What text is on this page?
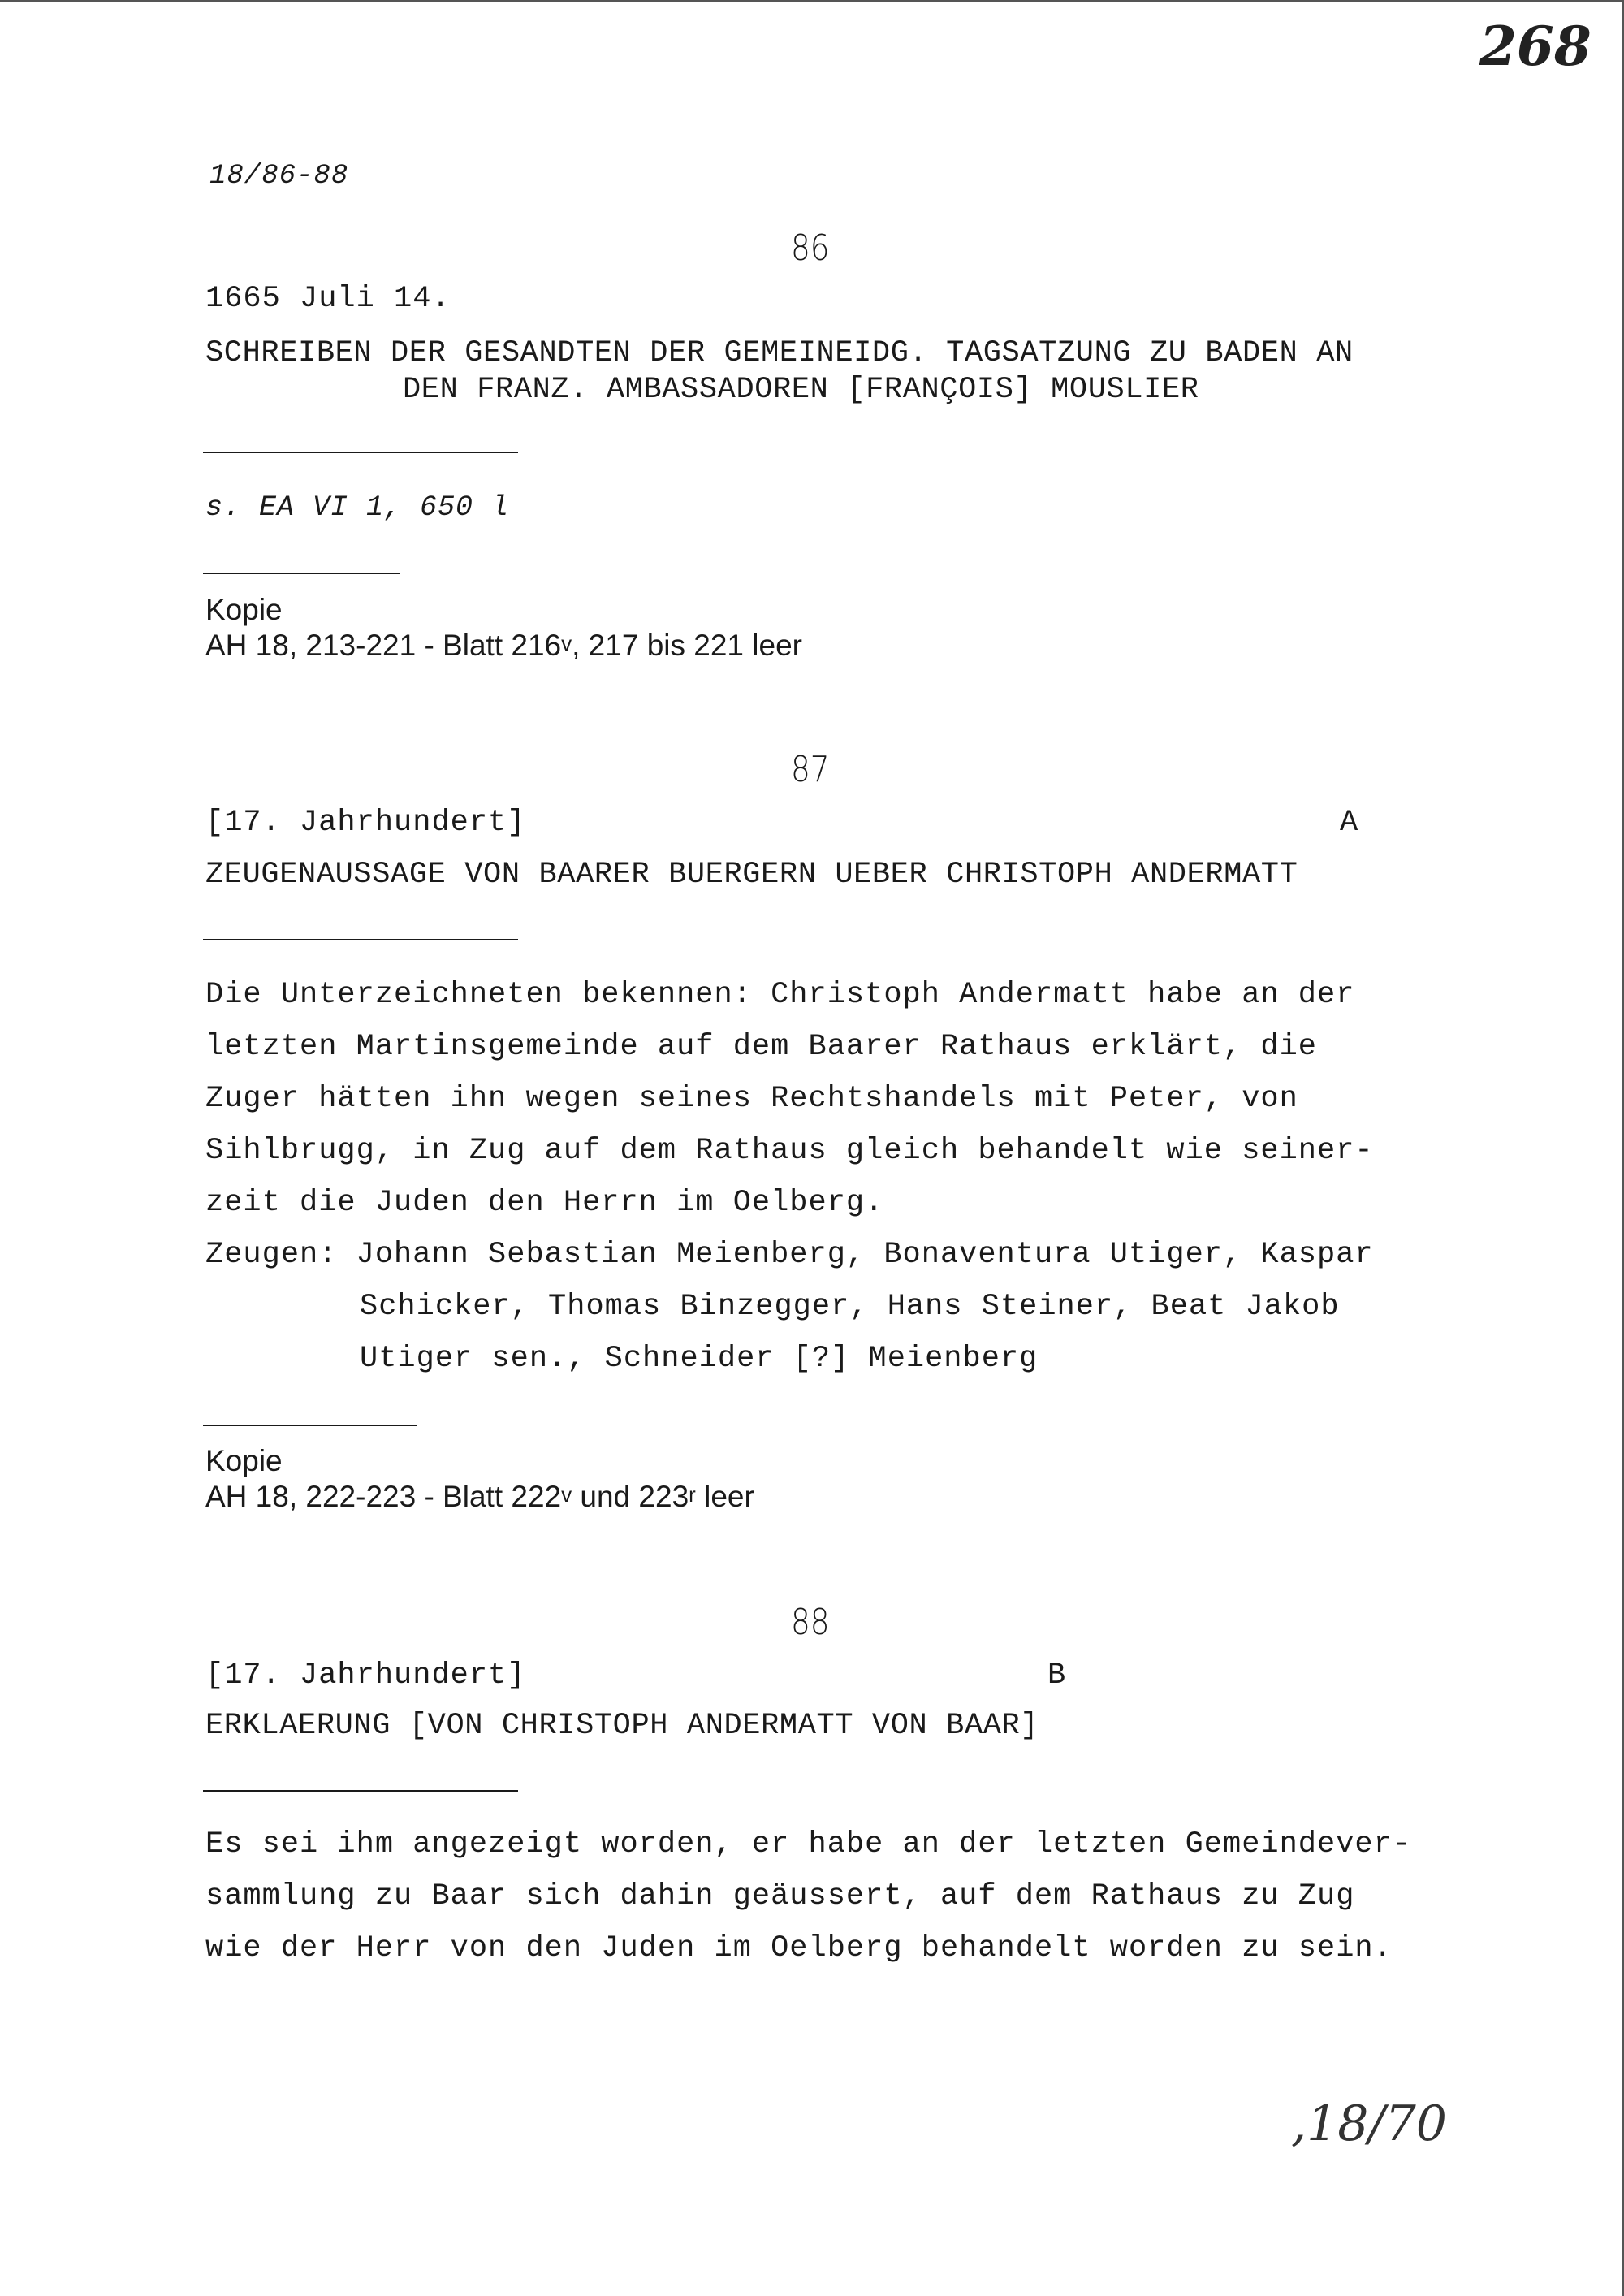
268
18/86-88
86
1665 Juli 14.
SCHREIBEN DER GESANDTEN DER GEMEINEIDG. TAGSATZUNG ZU BADEN AN
DEN FRANZ. AMBASSADOREN [FRANÇOIS] MOUSLIER
s. EA VI 1, 650 l
Kopie
AH 18, 213-221 - Blatt 216$^v$, 217 bis 221 leer
87
[17. Jahrhundert]	A
ZEUGENAUSSAGE VON BAARER BUERGERN UEBER CHRISTOPH ANDERMATT
Die Unterzeichneten bekennen: Christoph Andermatt habe an der
letzten Martinsgemeinde auf dem Baarer Rathaus erklärt, die
Zuger hätten ihn wegen seines Rechtshandels mit Peter, von
Sihlbrugg, in Zug auf dem Rathaus gleich behandelt wie seiner-
zeit die Juden den Herrn im Oelberg.
Zeugen: Johann Sebastian Meienberg, Bonaventura Utiger, Kaspar
Schicker, Thomas Binzegger, Hans Steiner, Beat Jakob
Utiger sen., Schneider [?] Meienberg
Kopie
AH 18, 222-223 - Blatt 222$^v$ und 223$^r$ leer
88
[17. Jahrhundert]	B
ERKLAERUNG [VON CHRISTOPH ANDERMATT VON BAAR]
Es sei ihm angezeigt worden, er habe an der letzten Gemeindever-
sammlung zu Baar sich dahin geäussert, auf dem Rathaus zu Zug
wie der Herr von den Juden im Oelberg behandelt worden zu sein.
,18/70
